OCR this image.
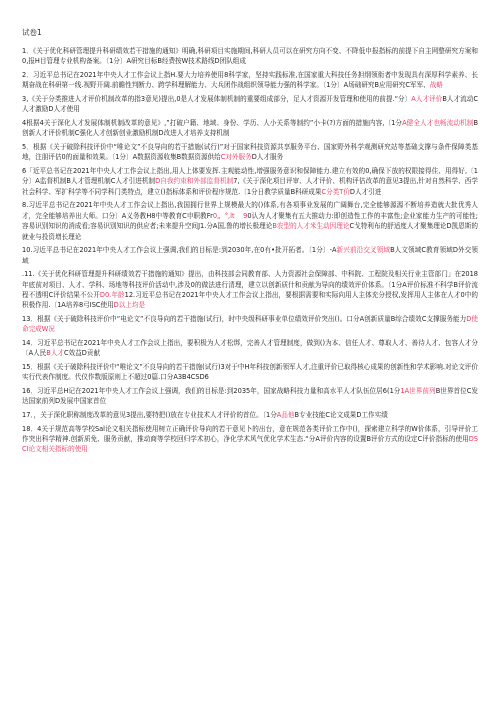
试卷1
1．《关于优化科研管理提升科研绩效若干措施的通知》明确,科研项目实施期间,科研人员可以在研究方向不变、不降低申报指标的前提下自主网整研究方案和0,报H目管理专业机构备案。〔1分〕A研究目标B经费按W技术路线D团队组成
2．习近平总书记在2021年中央人才工作会议上指H.要大力培养使用8科学家，坚持实践标准,在国家重大科技任务担纲领衔者中发现具有深厚科学素养、长期奋战在科研第一线.视野开阔.前瞻性判断力、跨学科理解能力、大兵团作战组织领导能力强的科学家。〔1分〕A场础研究B应用研究C军军、战略
3,《关于分类推进人才评价机制改革的指3意见)提出,0是人才发展体制机制的重要组成部分，足人才资源开发管理和使用的前提.“分〕A人才评价B人才流动C人才激励D人才使用
4根据4关于深化人才发展体制机制改革的意见》,”打破户籍、地域、身份、学历、人小关系等制约”小卡(?)方面的措施内容,〔1分A健全人才也畅流动机制B创新人才评价机制C强化人才创新创业激励机制D改进人才培养支持机制
5．根据《关于破除科技评价中“唯论文”不良导向的若干措施(试行)”对于国家科技资源共享服务平台、国家野外科学观测研究站等基础支撑与条件保障类基地，注朋评估0的面量和效果。〔1分〕A数据资源收集B数据资源供给C对外服务D人才服务
6「近平总书记在2021年中央人才工作会议上指出,用人上体要发挥.主观能动性,增强服务意识和保障能力.建立有效的0,确保下放的权限接得住、用得好,〔1分〕A监督机制B人才管理机制C人才引进机制D自我约束和外部监督机制7,《关于深化项目评审、人才评价、机构评估改革的意见3提出,针对自然科学、西学社会科学、军扩科学等不同学科门类特点，建立()指标体系和评价程序规范.〔1分日教学质量B科研成果C分类T价D人才引进
8.习近平总书记在2021年中央人才工作会议上指出,我国拥行世界上规模最大的()体系,有各项事业发展的广阔舞台,完全能够源源不断培养造就大批优秀人才，完全能够培养出大师。口分〕A义务教H8中等教育C申职教Fr0„  °,lt    90认为人才聚集有五大推动力:即创造性工作的丰富性;企业家能力生产的可能性;容易识别知识的消成看;容易识别知识的供应者;未来提升空间J1.分A国,鲁的增长极理论B农型的人才米生动因理论C戈特利布的舒适度人才聚集理论D凯恩斯的就业与投资增长理论
10.习近平总书记在2021年中央人才工作会议上强调,我们的目标是:到2030年,在0有•批开拓者。〔1分〕-A新兴前沿交叉领域B人文领域C教育领域D外交领域
.11.《关于优化科研管理提升科研绩效若干措施的通知》提出，由科技部会同教育部、人力资源社会保障部、中科院、工程院及相关行业主管部门」在2018年底前对项目、人才、学科、场地等科技评价活动中,涉及0的做法进行清理，建立以创新质什和贡献为导向的绩效评价体系。〔1分A评价标准不科学B评价流程不透明C评价结果不公开D0.年龄12.习近平总书记在2021年中央人才工作会议上指出，要根据需要和实际向用人主体充分授权,发挥用人主体在人才0中的积极作用.〔1A培养8弓ISC使用D以上均是
13．根据《关于破除科技评价中“电论文”不良导向的若干措施(试行)，时中央级科研事业单位绩效评价突出()。口分A创新质量B综合绩效C支撑服务能力D使命完成W况
14．习近平总书记在2021年中央人才工作会议上指出，要积极为人才松绑，完善人才管理制度，做到()为本、信任人才、尊取人才、善待人才、包容人才分〔A人民B人才C效益D贡献
15．根据《关于破除科技评价中“唯论文”不良导向的若干措施(试行)3对于中H年科技创新领军人才,注重评价已取得核心成果的创新性和学术影响.对论文评价实行代表作制度。代仪作数版原则上不超过0篇.口分A3B4CSD6
16．习近平总H记在2021年中央人才工作会议上强调，我们的目标是:到2035年，国家战略科技力量和高水平人才队伍位居6(1分1A世界前列B世界首位C发达国家前列D发展中国家首位
17．，关于深化职称制度改革的意见3提出,要特把()放在专业技术人才评价的首位。〔1分A品他B专业技能C论文成果D工作实绩
18．4关于规范高等学校Sal论文相关指标使用树立正确评价导向的若干意见卜的出台，意在规范各类评价工作中()，探索建立科学的W价体系，引导评价工作突出科学精神.创新质免、服务贡献，推动商等学校回归学术初心，净化学术风气优化学术生态.“分A评价内容的设置B评价方式的设定C评价指标的使用DSCI论文相关指标的使用
